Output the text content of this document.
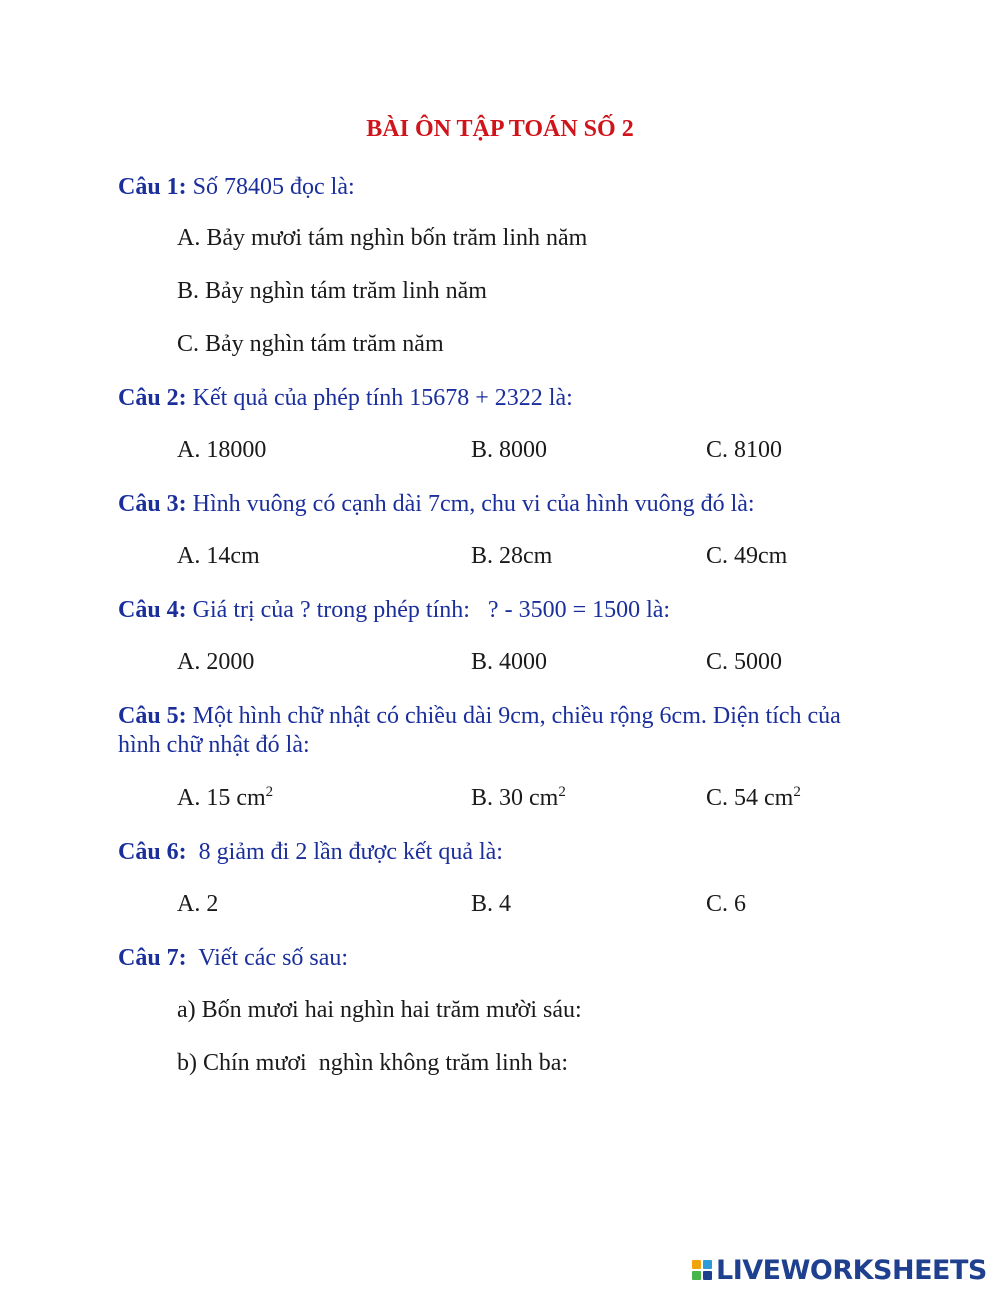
BÀI ÔN TẬP TOÁN SỐ 2
Câu 1: Số 78405 đọc là:
A. Bảy mươi tám nghìn bốn trăm linh năm
B. Bảy nghìn tám trăm linh năm
C. Bảy nghìn tám trăm năm
Câu 2: Kết quả của phép tính 15678 + 2322 là:
A. 18000	B. 8000	C. 8100
Câu 3: Hình vuông có cạnh dài 7cm, chu vi của hình vuông đó là:
A. 14cm	B. 28cm	C. 49cm
Câu 4: Giá trị của ? trong phép tính:   ? - 3500 = 1500 là:
A. 2000	B. 4000	C. 5000
Câu 5: Một hình chữ nhật có chiều dài 9cm, chiều rộng 6cm. Diện tích của hình chữ nhật đó là:
A. 15 $cm^2$	B. 30 $cm^2$	C. 54 $cm^2$
Câu 6:  8 giảm đi 2 lần được kết quả là:
A. 2	B. 4	C. 6
Câu 7:  Viết các số sau:
a) Bốn mươi hai nghìn hai trăm mười sáu:
b) Chín mươi  nghìn không trăm linh ba:
LIVEWORKSHEETS
